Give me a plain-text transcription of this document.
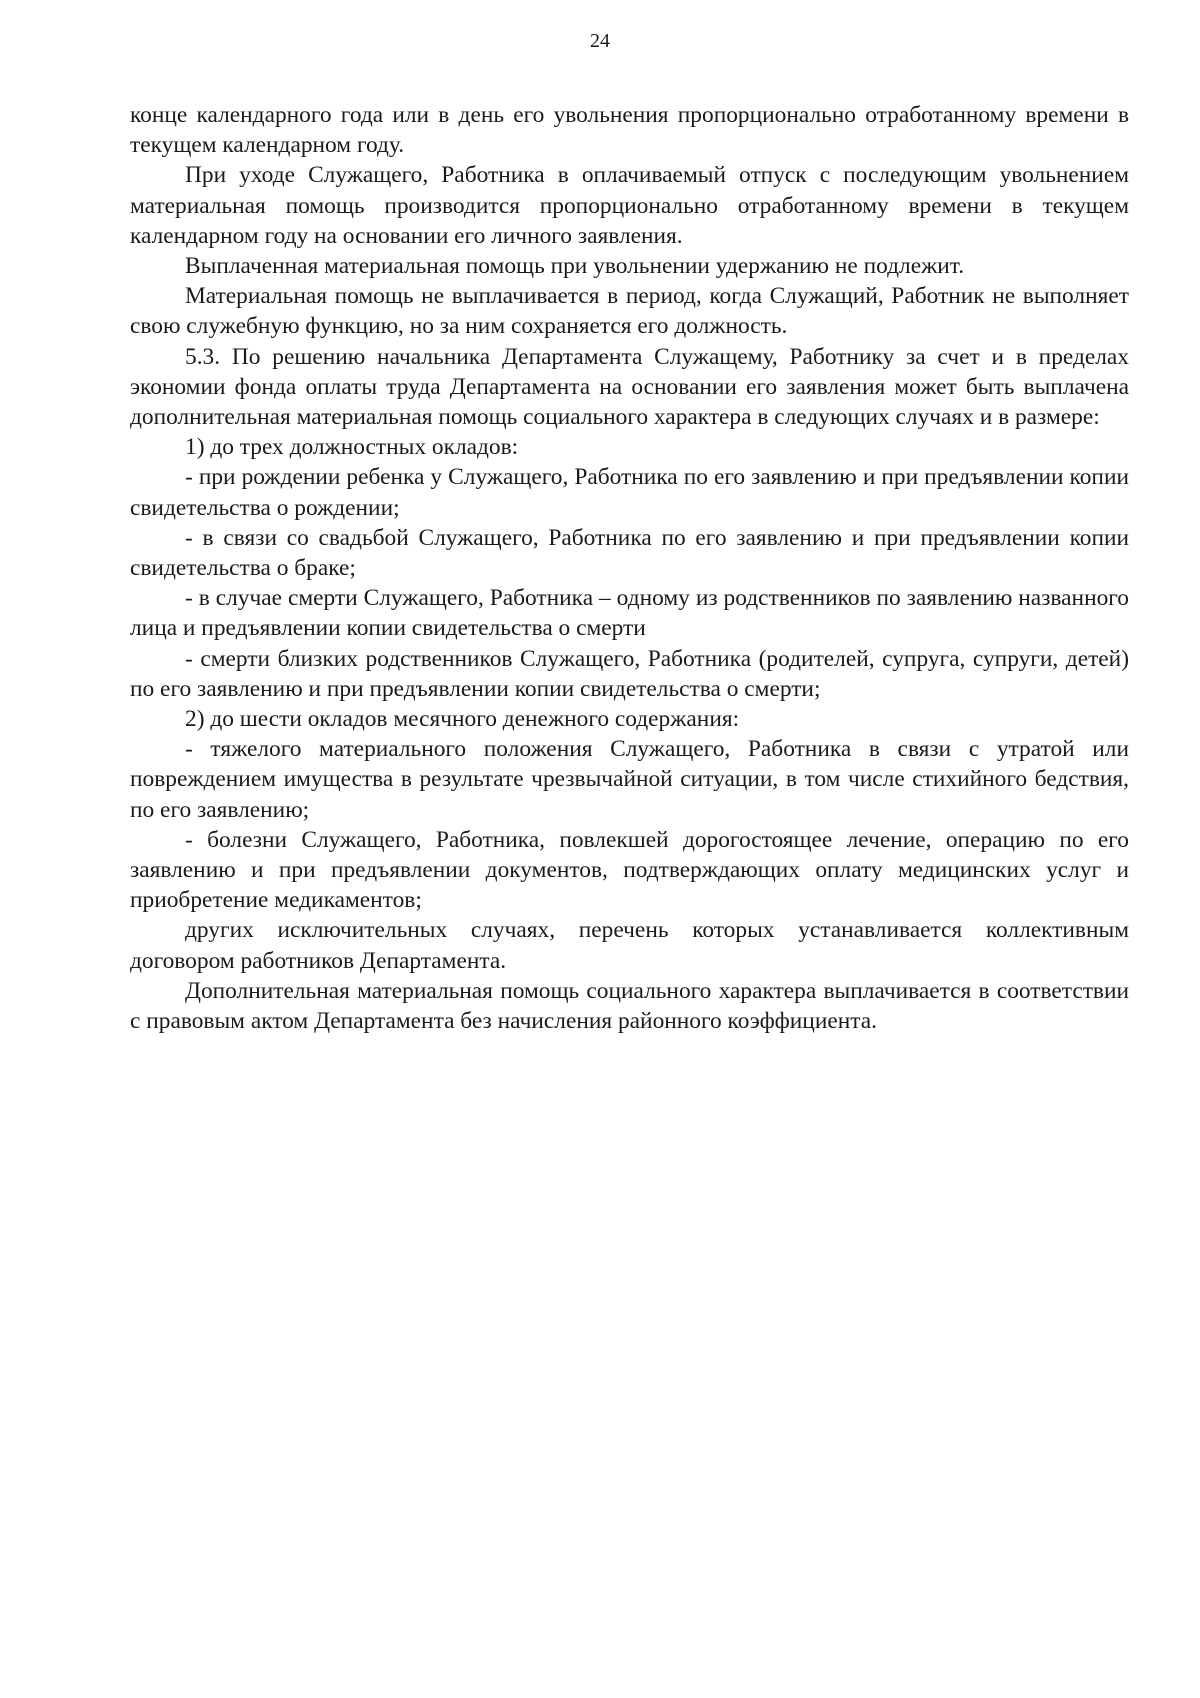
24

конце календарного года или в день его увольнения пропорционально отработанному времени в текущем календарном году.

При уходе Служащего, Работника в оплачиваемый отпуск с последующим увольнением материальная помощь производится пропорционально отработанному времени в текущем календарном году на основании его личного заявления.

Выплаченная материальная помощь при увольнении удержанию не подлежит.

Материальная помощь не выплачивается в период, когда Служащий, Работник не выполняет свою служебную функцию, но за ним сохраняется его должность.

5.3. По решению начальника Департамента Служащему, Работнику за счет и в пределах экономии фонда оплаты труда Департамента на основании его заявления может быть выплачена дополнительная материальная помощь социального характера в следующих случаях и в размере:

1) до трех должностных окладов:

- при рождении ребенка у Служащего, Работника по его заявлению и при предъявлении копии свидетельства о рождении;

- в связи со свадьбой Служащего, Работника по его заявлению и при предъявлении копии свидетельства о браке;

- в случае смерти Служащего, Работника – одному из родственников по заявлению названного лица и предъявлении копии свидетельства о смерти

- смерти близких родственников Служащего, Работника (родителей, супруга, супруги, детей) по его заявлению и при предъявлении копии свидетельства о смерти;

2) до шести окладов месячного денежного содержания:

- тяжелого материального положения Служащего, Работника в связи с утратой или повреждением имущества в результате чрезвычайной ситуации, в том числе стихийного бедствия, по его заявлению;

- болезни Служащего, Работника, повлекшей дорогостоящее лечение, операцию по его заявлению и при предъявлении документов, подтверждающих оплату медицинских услуг и приобретение медикаментов;

других исключительных случаях, перечень которых устанавливается коллективным договором работников Департамента.

Дополнительная материальная помощь социального характера выплачивается в соответствии с правовым актом Департамента без начисления районного коэффициента.
